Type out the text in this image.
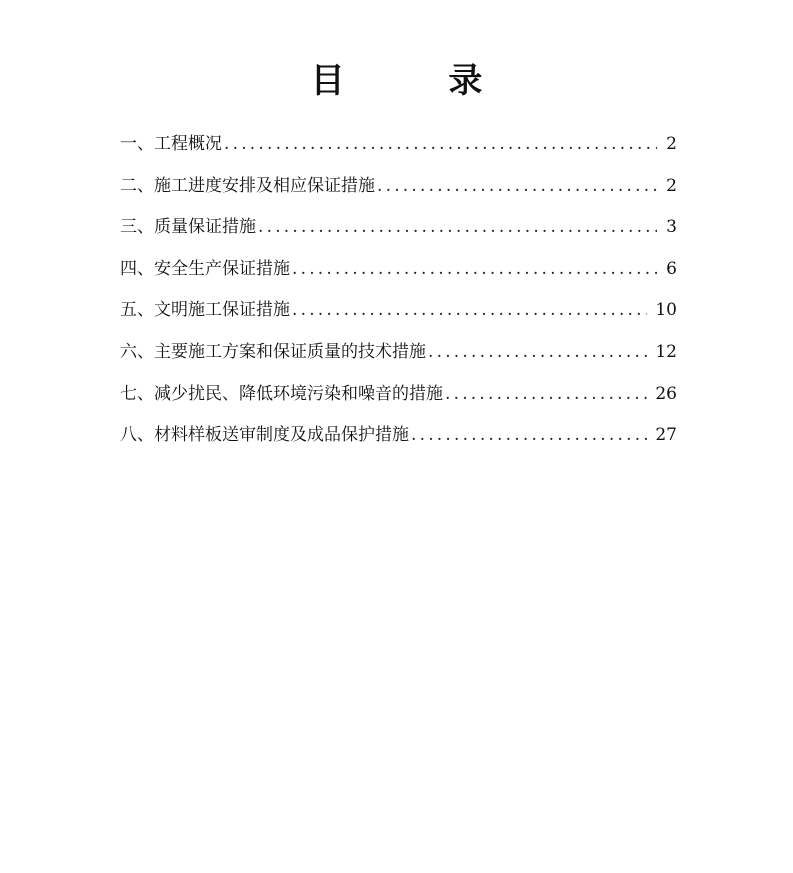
目 录
一、工程概况 .....	2
二、施工进度安排及相应保证措施 .....	2
三、质量保证措施 .....	3
四、安全生产保证措施 .....	6
五、文明施工保证措施 .....	10
六、主要施工方案和保证质量的技术措施 .....	12
七、减少扰民、降低环境污染和噪音的措施 .....	26
八、材料样板送审制度及成品保护措施 .....	27
